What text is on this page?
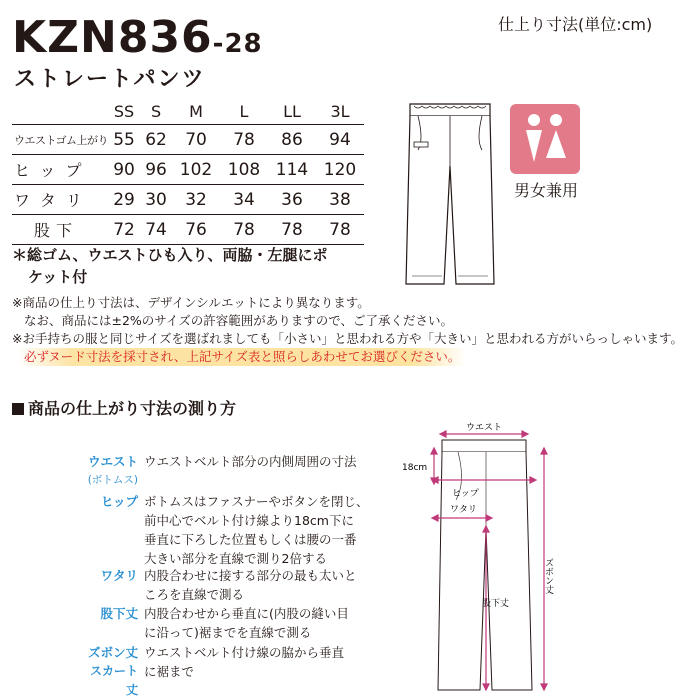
KZN836-28
ストレートパンツ
仕上り寸法(単位:cm)
	SS	S	M	L	LL	3L
ウエストゴム上がり	55	62	70	78	86	94
ヒップ	90	96	102	108	114	120
ワタリ	29	30	32	34	36	38
股下	72	74	76	78	78	78
＊総ゴム、ウエストひも入り、両脇・左腿にポ
ケット付
男女兼用
※商品の仕上り寸法は、デザインシルエットにより異なります。
なお、商品には±2%のサイズの許容範囲がありますので、ご了承ください。
※お手持ちの服と同じサイズを選ばれましても「小さい」と思われる方や「大きい」と思われる方がいらっしゃいます。
必ずヌード寸法を採寸され、上記サイズ表と照らしあわせてお選びください。
商品の仕上がり寸法の測り方
ウエスト
(ボトムス)
ウエストベルト部分の内側周囲の寸法
ヒップ ボトムスはファスナーやボタンを閉じ、
前中心でベルト付け線より18cm下に
垂直に下ろした位置もしくは腰の一番
大きい部分を直線で測り2倍する
ワタリ 内股合わせに接する部分の最も太いと
ころを直線で測る
股下丈 内股合わせから垂直に(内股の縫い目
に沿って)裾までを直線で測る
ズボン丈
スカート丈
ウエストベルト付け線の脇から垂直
に裾まで
ウエスト
18cm
ヒップ
ワタリ
股下丈
ズボン丈
